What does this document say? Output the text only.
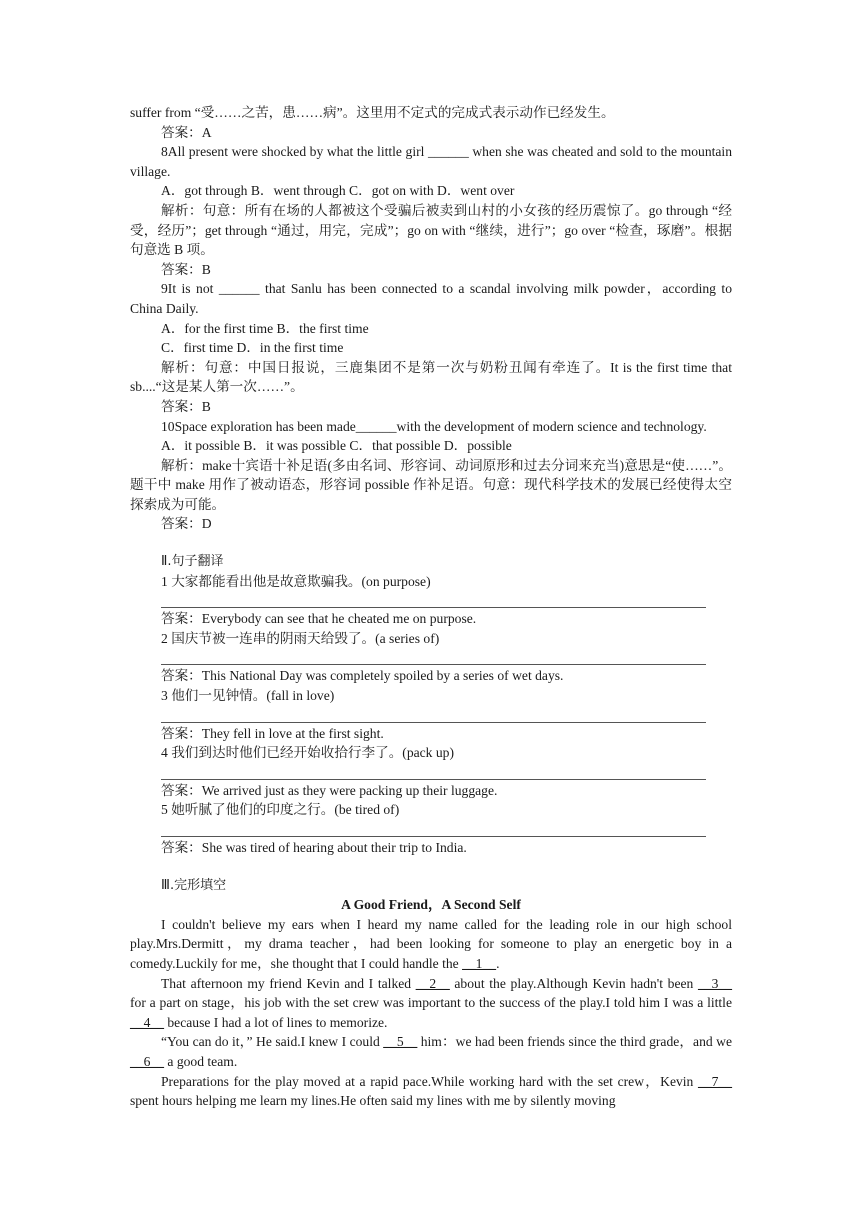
suffer from “受……之苦，患……病”。这里用不定式的完成式表示动作已经发生。

答案：A

8All present were shocked by what the little girl ______ when she was cheated and sold to the mountain village.

A．got through B．went through C．got on with D．went over

解析：句意：所有在场的人都被这个受骗后被卖到山村的小女孩的经历震惊了。go through “经受，经历”；get through “通过，用完，完成”；go on with “继续，进行”；go over “检查，琢磨”。根据句意选 B 项。

答案：B

9It is not ______ that Sanlu has been connected to a scandal involving milk powder，according to China Daily.

A．for the first time B．the first time

C．first time D．in the first time

解析：句意：中国日报说，三鹿集团不是第一次与奶粉丑闻有牵连了。It is the first time that sb....“这是某人第一次……”。

答案：B

10Space exploration has been made______with the development of modern science and technology.

A．it possible B．it was possible C．that possible D．possible

解析：make十宾语十补足语(多由名词、形容词、动词原形和过去分词来充当)意思是“使……”。题干中 make 用作了被动语态，形容词 possible 作补足语。句意：现代科学技术的发展已经使得太空探索成为可能。

答案：D

Ⅱ.句子翻译

1 大家都能看出他是故意欺骗我。(on purpose)

答案：Everybody can see that he cheated me on purpose.

2 国庆节被一连串的阴雨天给毁了。(a series of)

答案：This National Day was completely spoiled by a series of wet days.

3 他们一见钟情。(fall in love)

答案：They fell in love at the first sight.

4 我们到达时他们已经开始收拾行李了。(pack up)

答案：We arrived just as they were packing up their luggage.

5 她听腻了他们的印度之行。(be tired of)

答案：She was tired of hearing about their trip to India.

Ⅲ.完形填空

A Good Friend，A Second Self

I couldn't believe my ears when I heard my name called for the leading role in our high school play.Mrs.Dermitt，my drama teacher，had been looking for someone to play an energetic boy in a comedy.Luckily for me，she thought that I could handle the __1__.

That afternoon my friend Kevin and I talked __2__ about the play.Although Kevin hadn't been __3__ for a part on stage，his job with the set crew was important to the success of the play.I told him I was a little __4__ because I had a lot of lines to memorize.

“You can do it，” He said.I knew I could __5__ him：we had been friends since the third grade，and we __6__ a good team.

Preparations for the play moved at a rapid pace.While working hard with the set crew，Kevin __7__ spent hours helping me learn my lines.He often said my lines with me by silently moving
